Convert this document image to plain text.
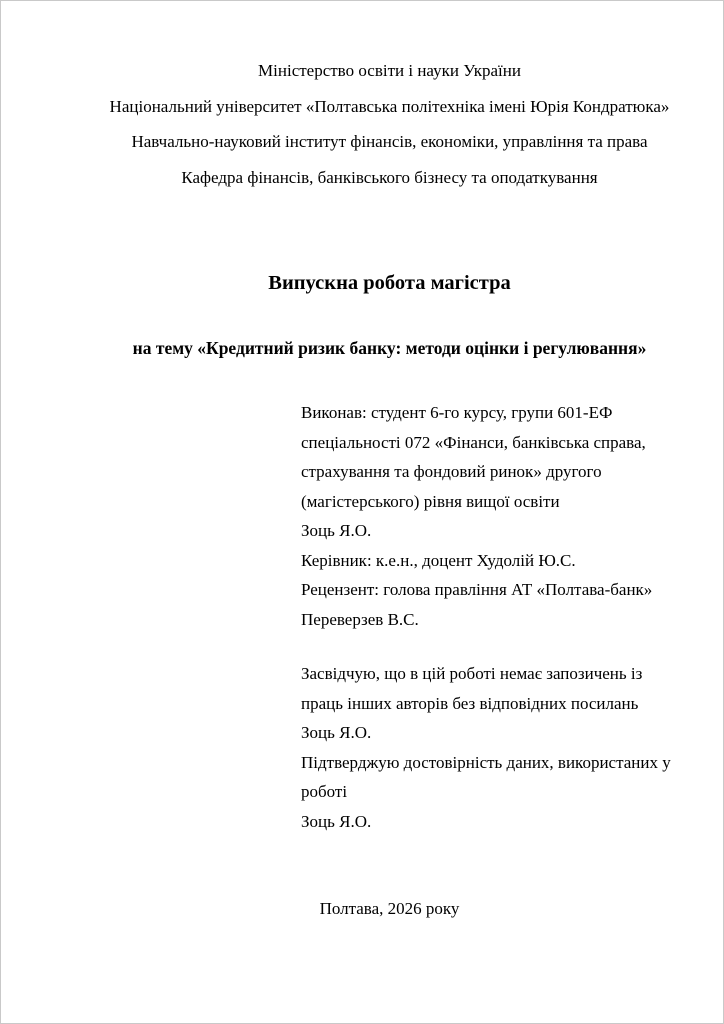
Міністерство освіти і науки України
Національний університет «Полтавська політехніка імені Юрія Кондратюка»
Навчально-науковий інститут фінансів, економіки, управління та права
Кафедра фінансів, банківського бізнесу та оподаткування
Випускна робота магістра
на тему «Кредитний ризик банку: методи оцінки і регулювання»
Виконав: студент 6-го курсу, групи 601-ЕФ
спеціальності 072 «Фінанси, банківська справа,
страхування та фондовий ринок» другого
(магістерського) рівня вищої освіти
Зоць Я.О.
Керівник: к.е.н., доцент Худолій Ю.С.
Рецензент: голова правління АТ «Полтава-банк»
Переверзев В.С.
Засвідчую, що в цій роботі немає запозичень із
праць інших авторів без відповідних посилань
Зоць Я.О.
Підтверджую достовірність даних, використаних у
роботі
Зоць Я.О.
Полтава, 2026 року
